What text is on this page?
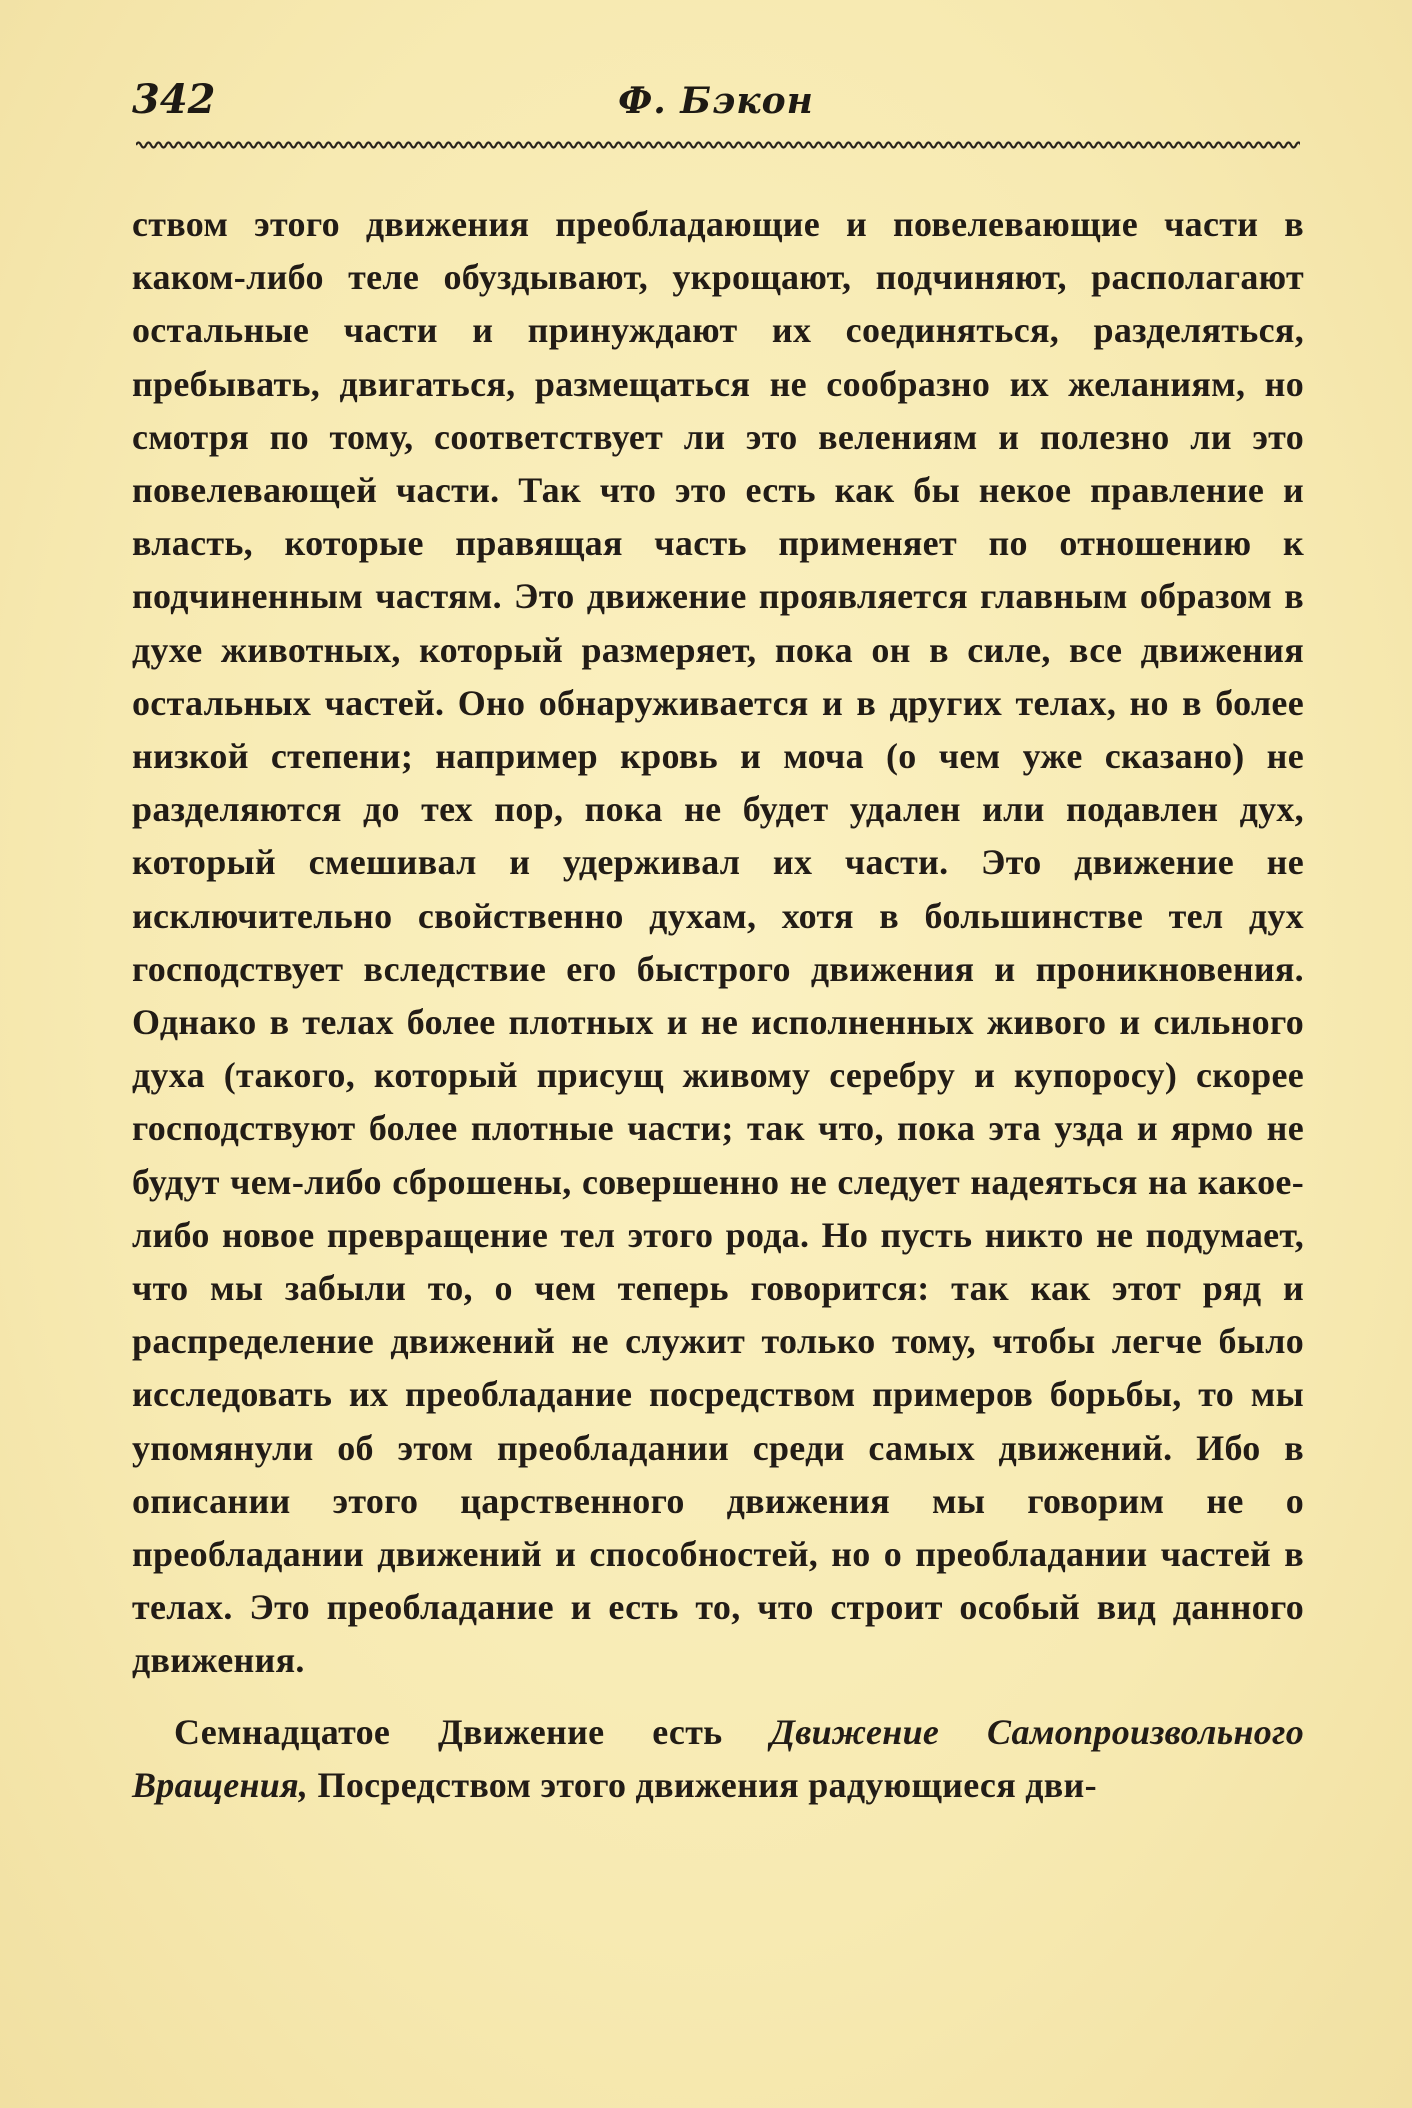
342	Ф. Бэкон

ством этого движения преобладающие и повелевающие части в каком-либо теле обуздывают, укрощают, подчиняют, располагают остальные части и принуждают их соединяться, разделяться, пребывать, двигаться, размещаться не сообразно их желаниям, но смотря по тому, соответствует ли это велениям и полезно ли это повелевающей части. Так что это есть как бы некое правление и власть, которые правящая часть применяет по отношению к подчиненным частям. Это движение проявляется главным образом в духе животных, который размеряет, пока он в силе, все движения остальных частей. Оно обнаруживается и в других телах, но в более низкой степени; например кровь и моча (о чем уже сказано) не разделяются до тех пор, пока не будет удален или подавлен дух, который смешивал и удерживал их части. Это движение не исключительно свойственно духам, хотя в большинстве тел дух господствует вследствие его быстрого движения и проникновения. Однако в телах более плотных и не исполненных живого и сильного духа (такого, который присущ живому серебру и купоросу) скорее господствуют более плотные части; так что, пока эта узда и ярмо не будут чем-либо сброшены, совершенно не следует надеяться на какое-либо новое превращение тел этого рода. Но пусть никто не подумает, что мы забыли то, о чем теперь говорится: так как этот ряд и распределение движений не служит только тому, чтобы легче было исследовать их преобладание посредством примеров борьбы, то мы упомянули об этом преобладании среди самых движений. Ибо в описании этого царственного движения мы говорим не о преобладании движений и способностей, но о преобладании частей в телах. Это преобладание и есть то, что строит особый вид данного движения.

Семнадцатое Движение есть Движение Самопроизвольного Вращения, Посредством этого движения радующиеся дви-
